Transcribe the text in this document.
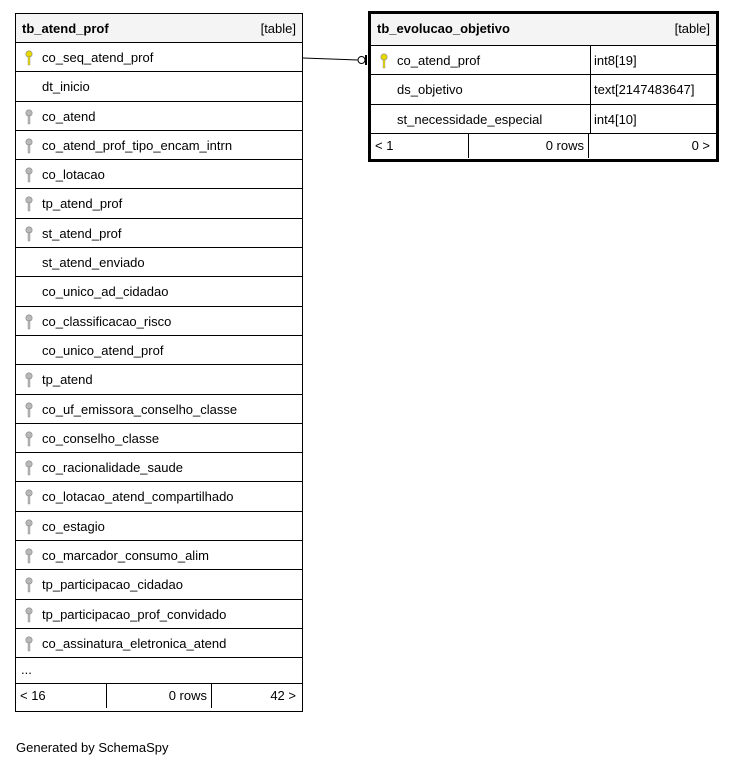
tb_atend_prof	[table]
co_seq_atend_prof
dt_inicio
co_atend
co_atend_prof_tipo_encam_intrn
co_lotacao
tp_atend_prof
st_atend_prof
st_atend_enviado
co_unico_ad_cidadao
co_classificacao_risco
co_unico_atend_prof
tp_atend
co_uf_emissora_conselho_classe
co_conselho_classe
co_racionalidade_saude
co_lotacao_atend_compartilhado
co_estagio
co_marcador_consumo_alim
tp_participacao_cidadao
tp_participacao_prof_convidado
co_assinatura_eletronica_atend
...
< 16	0 rows	42 >
tb_evolucao_objetivo	[table]
co_atend_prof	int8[19]
ds_objetivo	text[2147483647]
st_necessidade_especial	int4[10]
< 1	0 rows	0 >
Generated by SchemaSpy
